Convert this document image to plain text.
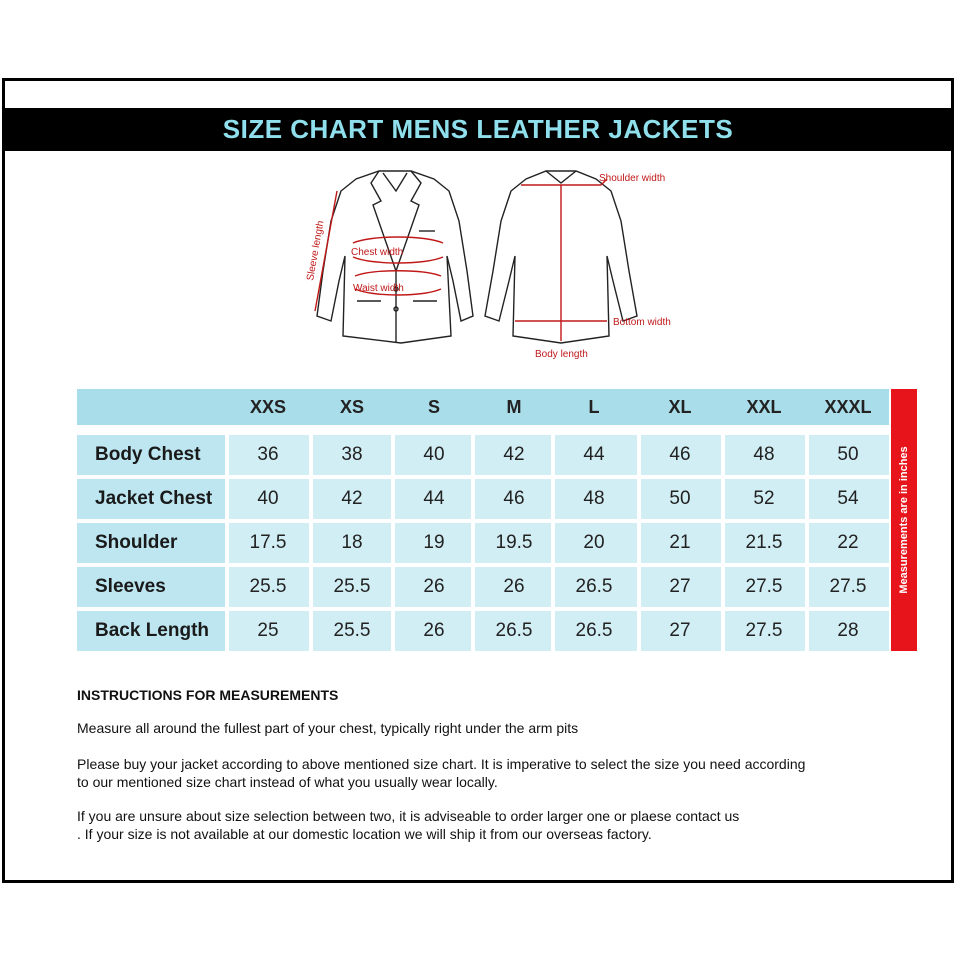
SIZE CHART MENS LEATHER JACKETS
Sleeve length Chest width
Waist width
Shoulder width
Bottom width
Body length
XXS	XS	S	M	L	XL	XXL	XXXL
Body Chest	36	38	40	42	44	46	48	50
Jacket Chest	40	42	44	46	48	50	52	54
Shoulder	17.5	18	19	19.5	20	21	21.5	22
Sleeves	25.5	25.5	26	26	26.5	27	27.5	27.5
Back Length	25	25.5	26	26.5	26.5	27	27.5	28
Measurements are in inches
INSTRUCTIONS FOR MEASUREMENTS
Measure all around the fullest part of your chest, typically right under the arm pits
Please buy your jacket according to above mentioned size chart. It is imperative to select the size you need according
to our mentioned size chart instead of what you usually wear locally.
If you are unsure about size selection between two, it is adviseable to order larger one or plaese contact us
. If your size is not available at our domestic location we will ship it from our overseas factory.
